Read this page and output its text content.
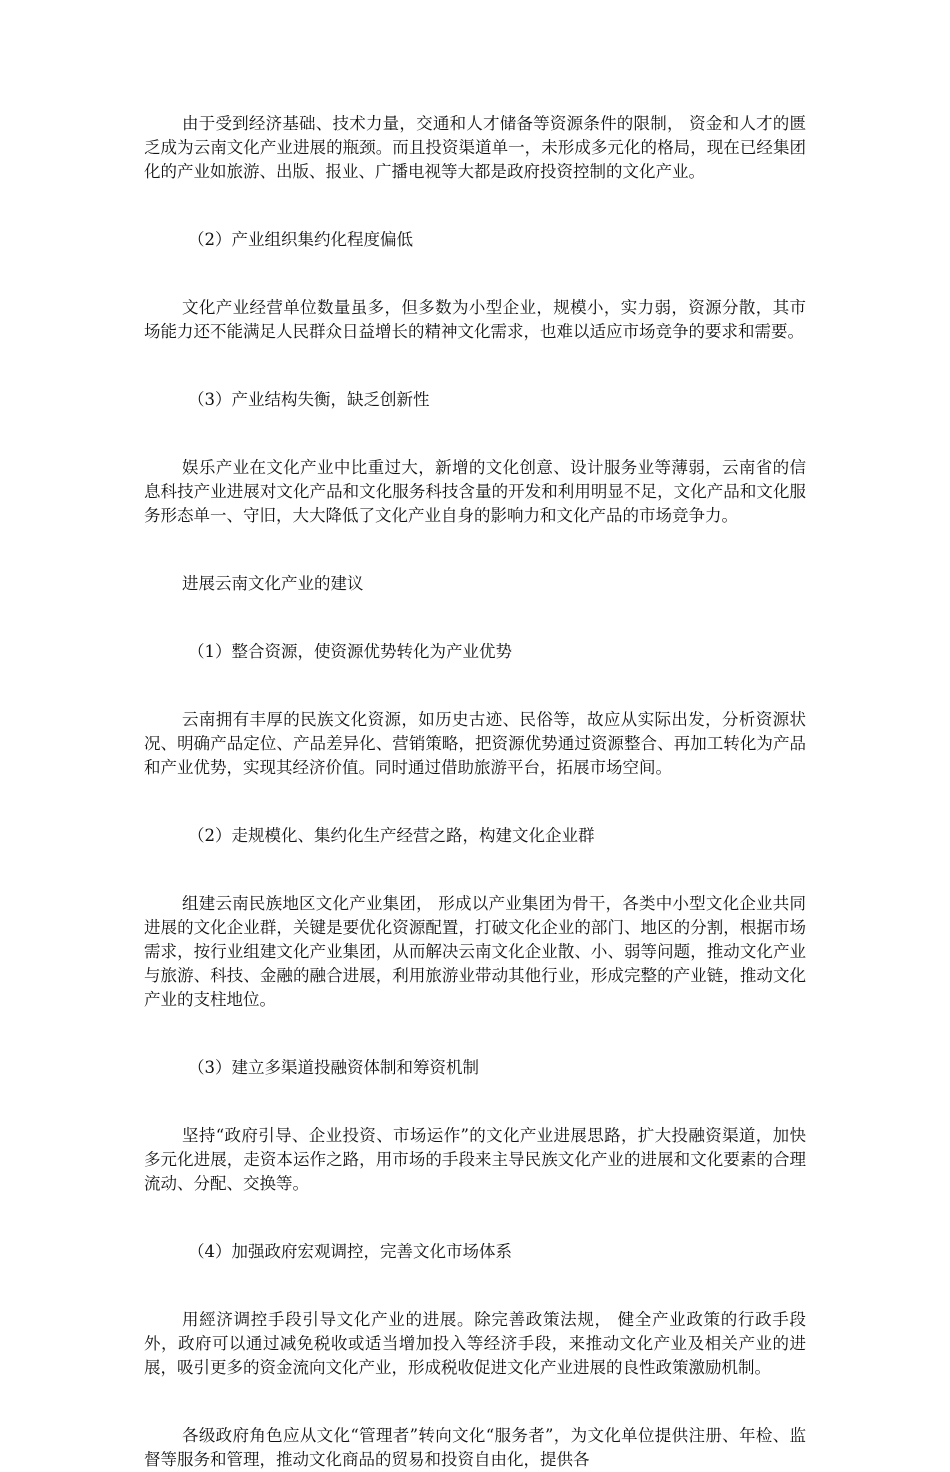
由于受到经济基础、技术力量，交通和人才储备等资源条件的限制， 资金和人才的匮乏成为云南文化产业进展的瓶颈。而且投资渠道单一，未形成多元化的格局，现在已经集团化的产业如旅游、出版、报业、广播电视等大都是政府投资控制的文化产业。

（2）产业组织集约化程度偏低

文化产业经营单位数量虽多，但多数为小型企业，规模小，实力弱，资源分散，其市场能力还不能满足人民群众日益增长的精神文化需求，也难以适应市场竞争的要求和需要。

（3）产业结构失衡，缺乏创新性

娱乐产业在文化产业中比重过大，新增的文化创意、设计服务业等薄弱，云南省的信息科技产业进展对文化产品和文化服务科技含量的开发和利用明显不足，文化产品和文化服务形态单一、守旧，大大降低了文化产业自身的影响力和文化产品的市场竞争力。

进展云南文化产业的建议

（1）整合资源，使资源优势转化为产业优势

云南拥有丰厚的民族文化资源，如历史古迹、民俗等，故应从实际出发，分析资源状况、明确产品定位、产品差异化、营销策略，把资源优势通过资源整合、再加工转化为产品和产业优势，实现其经济价值。同时通过借助旅游平台，拓展市场空间。

（2）走规模化、集约化生产经营之路，构建文化企业群

组建云南民族地区文化产业集团， 形成以产业集团为骨干，各类中小型文化企业共同进展的文化企业群，关键是要优化资源配置，打破文化企业的部门、地区的分割，根据市场需求，按行业组建文化产业集团，从而解决云南文化企业散、小、弱等问题，推动文化产业与旅游、科技、金融的融合进展，利用旅游业带动其他行业，形成完整的产业链，推动文化产业的支柱地位。

（3）建立多渠道投融资体制和筹资机制

坚持“政府引导、企业投资、市场运作”的文化产业进展思路，扩大投融资渠道，加快多元化进展，走资本运作之路，用市场的手段来主导民族文化产业的进展和文化要素的合理流动、分配、交换等。

（4）加强政府宏观调控，完善文化市场体系

用經济调控手段引导文化产业的进展。除完善政策法规， 健全产业政策的行政手段外，政府可以通过减免税收或适当增加投入等经济手段，来推动文化产业及相关产业的进展，吸引更多的资金流向文化产业，形成税收促进文化产业进展的良性政策激励机制。

各级政府角色应从文化“管理者”转向文化“服务者”，为文化单位提供注册、年检、监督等服务和管理，推动文化商品的贸易和投资自由化，提供各
